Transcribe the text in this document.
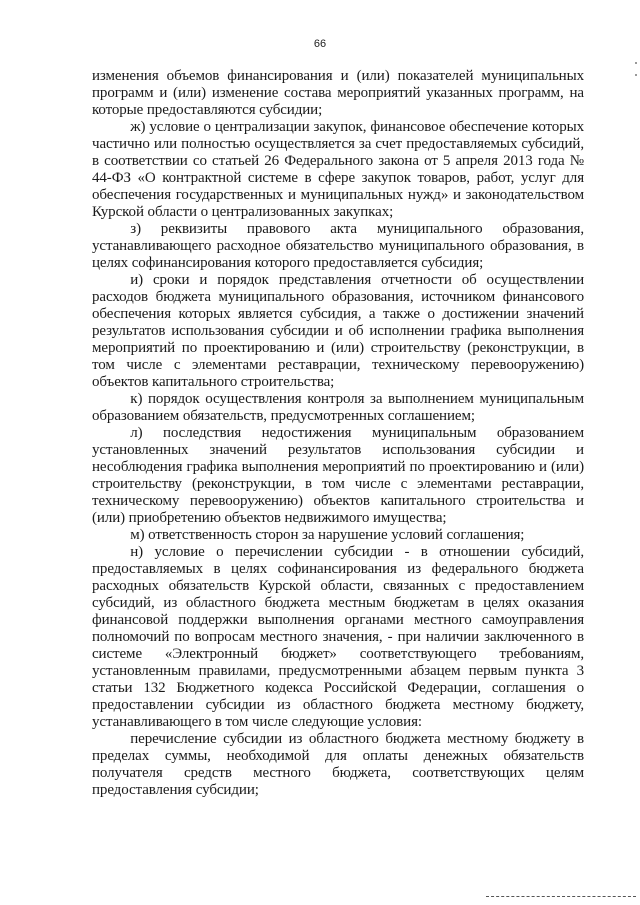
66

изменения объемов финансирования и (или) показателей муниципальных программ и (или) изменение состава мероприятий указанных программ, на которые предоставляются субсидии;

ж) условие о централизации закупок, финансовое обеспечение которых частично или полностью осуществляется за счет предоставляемых субсидий, в соответствии со статьей 26 Федерального закона от 5 апреля 2013 года № 44-ФЗ «О контрактной системе в сфере закупок товаров, работ, услуг для обеспечения государственных и муниципальных нужд» и законодательством Курской области о централизованных закупках;

з) реквизиты правового акта муниципального образования, устанавливающего расходное обязательство муниципального образования, в целях софинансирования которого предоставляется субсидия;

и) сроки и порядок представления отчетности об осуществлении расходов бюджета муниципального образования, источником финансового обеспечения которых является субсидия, а также о достижении значений результатов использования субсидии и об исполнении графика выполнения мероприятий по проектированию и (или) строительству (реконструкции, в том числе с элементами реставрации, техническому перевооружению) объектов капитального строительства;

к) порядок осуществления контроля за выполнением муниципальным образованием обязательств, предусмотренных соглашением;

л) последствия недостижения муниципальным образованием установленных значений результатов использования субсидии и несоблюдения графика выполнения мероприятий по проектированию и (или) строительству (реконструкции, в том числе с элементами реставрации, техническому перевооружению) объектов капитального строительства и (или) приобретению объектов недвижимого имущества;

м) ответственность сторон за нарушение условий соглашения;

н) условие о перечислении субсидии - в отношении субсидий, предоставляемых в целях софинансирования из федерального бюджета расходных обязательств Курской области, связанных с предоставлением субсидий, из областного бюджета местным бюджетам в целях оказания финансовой поддержки выполнения органами местного самоуправления полномочий по вопросам местного значения, - при наличии заключенного в системе «Электронный бюджет» соответствующего требованиям, установленным правилами, предусмотренными абзацем первым пункта 3 статьи 132 Бюджетного кодекса Российской Федерации, соглашения о предоставлении субсидии из областного бюджета местному бюджету, устанавливающего в том числе следующие условия:

перечисление субсидии из областного бюджета местному бюджету в пределах суммы, необходимой для оплаты денежных обязательств получателя средств местного бюджета, соответствующих целям предоставления субсидии;
